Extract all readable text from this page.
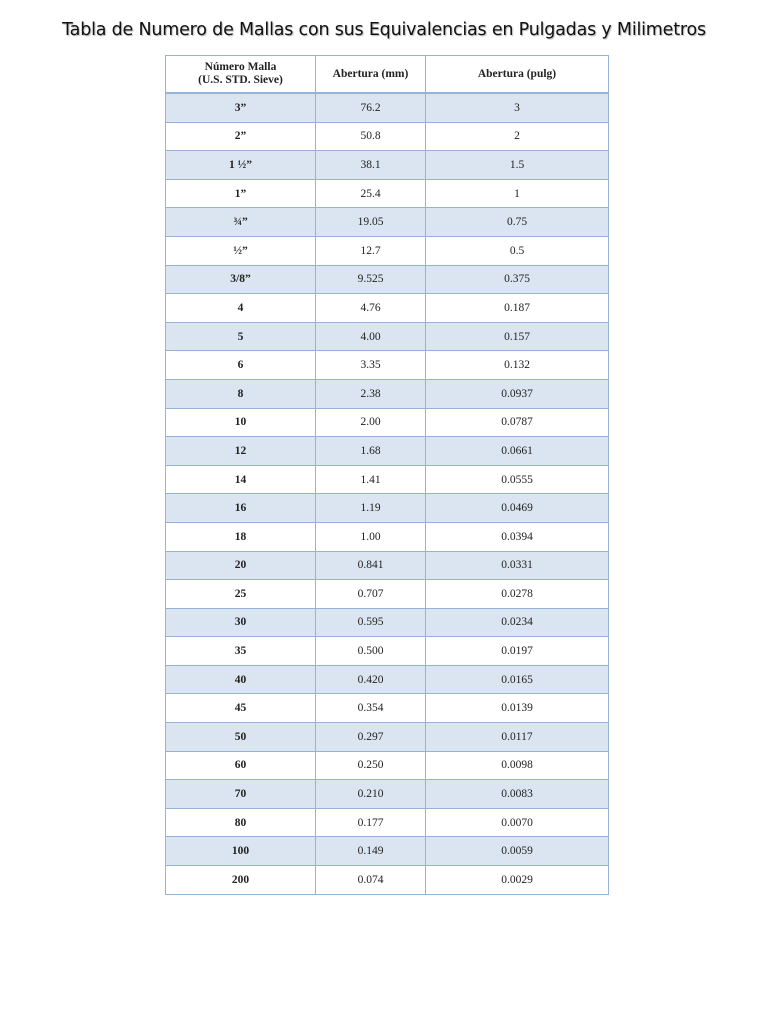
Tabla de Numero de Mallas con sus Equivalencias en Pulgadas y Milimetros
Número Malla
(U.S. STD. Sieve)	Abertura (mm)	Abertura (pulg)
3”	76.2	3
2”	50.8	2
1 ½”	38.1	1.5
1”	25.4	1
¾”	19.05	0.75
½”	12.7	0.5
3/8”	9.525	0.375
4	4.76	0.187
5	4.00	0.157
6	3.35	0.132
8	2.38	0.0937
10	2.00	0.0787
12	1.68	0.0661
14	1.41	0.0555
16	1.19	0.0469
18	1.00	0.0394
20	0.841	0.0331
25	0.707	0.0278
30	0.595	0.0234
35	0.500	0.0197
40	0.420	0.0165
45	0.354	0.0139
50	0.297	0.0117
60	0.250	0.0098
70	0.210	0.0083
80	0.177	0.0070
100	0.149	0.0059
200	0.074	0.0029
